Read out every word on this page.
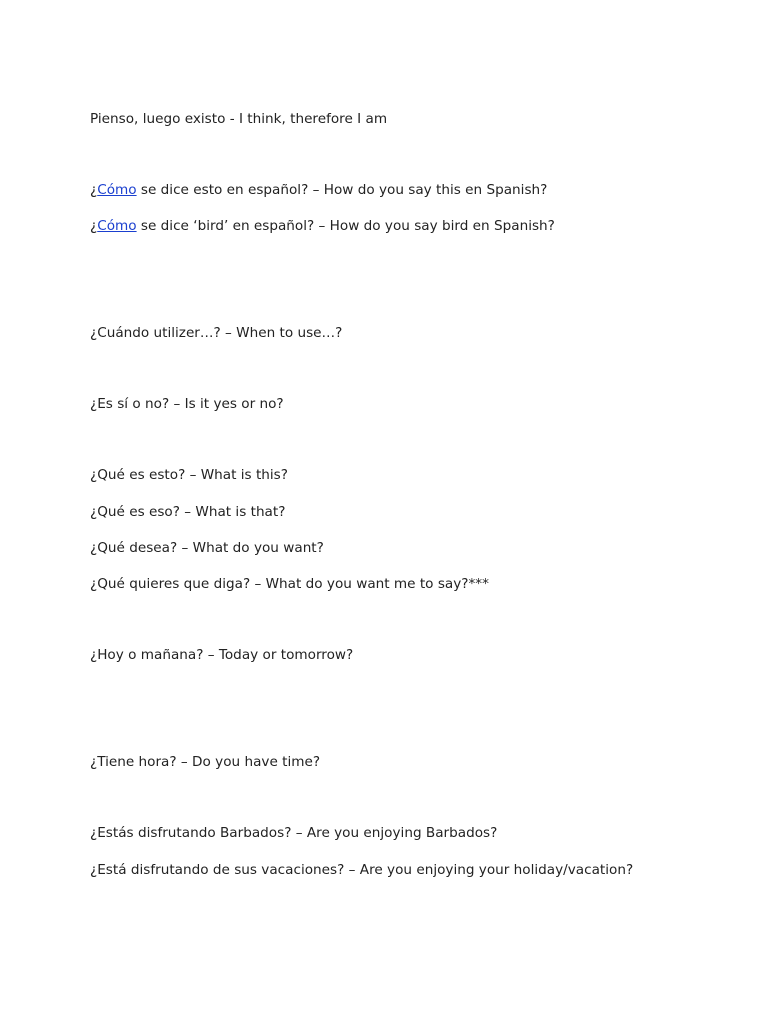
Pienso, luego existo - I think, therefore I am
¿Cómo se dice esto en español? – How do you say this en Spanish?
¿Cómo se dice ‘bird’ en español? – How do you say bird en Spanish?
¿Cuándo utilizer…? – When to use…?
¿Es sí o no? – Is it yes or no?
¿Qué es esto? – What is this?
¿Qué es eso? – What is that?
¿Qué desea? – What do you want?
¿Qué quieres que diga? – What do you want me to say?***
¿Hoy o mañana? – Today or tomorrow?
¿Tiene hora? – Do you have time?
¿Estás disfrutando Barbados? – Are you enjoying Barbados?
¿Está disfrutando de sus vacaciones? – Are you enjoying your holiday/vacation?
